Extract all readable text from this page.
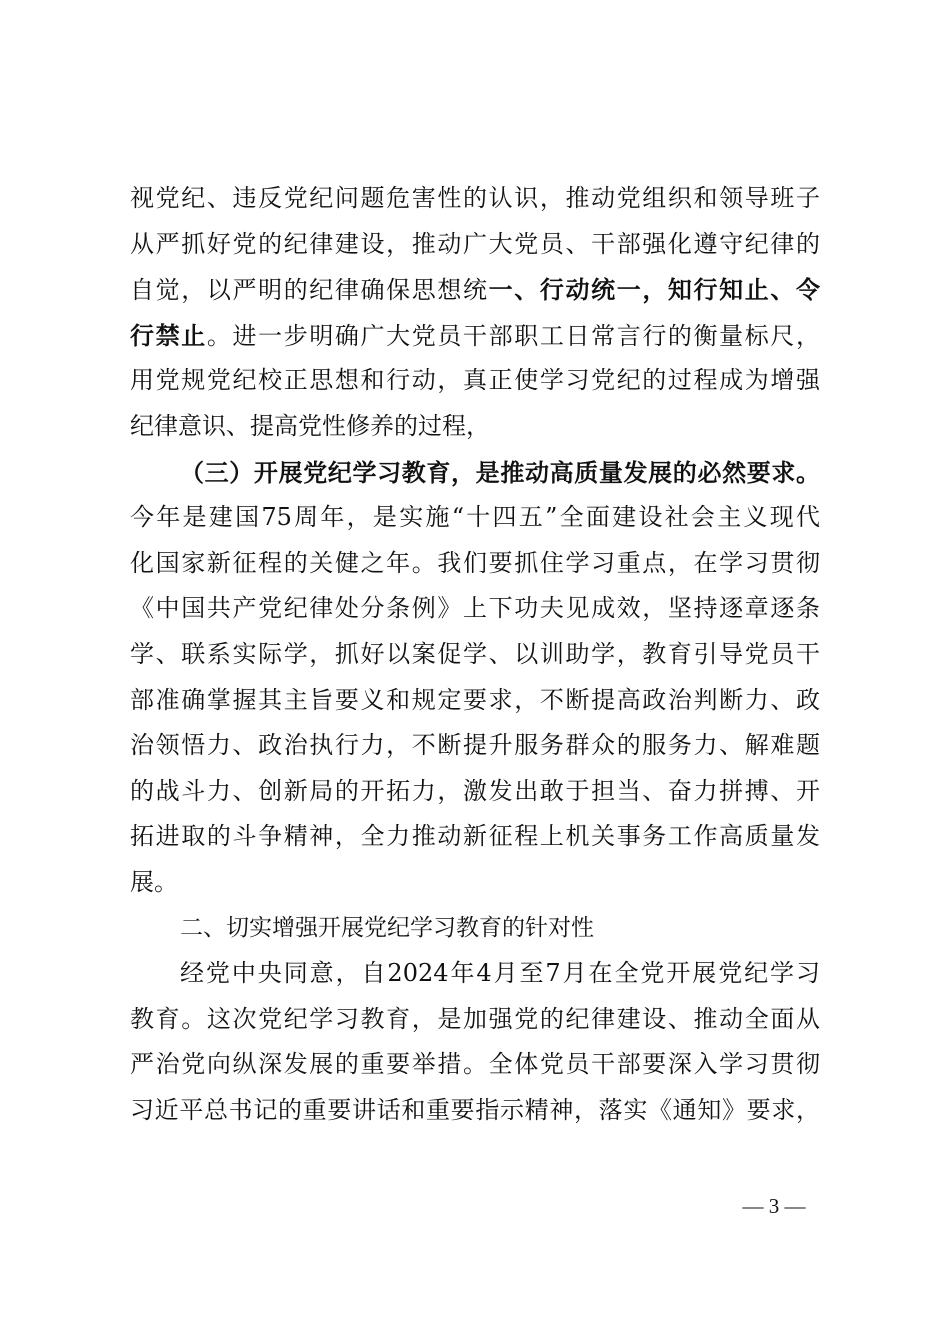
视党纪、违反党纪问题危害性的认识，推动党组织和领导班子
从严抓好党的纪律建设，推动广大党员、干部强化遵守纪律的
自觉，以严明的纪律确保思想统一、行动统一，知行知止、令
行禁止。进一步明确广大党员干部职工日常言行的衡量标尺，
用党规党纪校正思想和行动，真正使学习党纪的过程成为增强
纪律意识、提高党性修养的过程，
（三）开展党纪学习教育，是推动高质量发展的必然要求。
今年是建国75周年，是实施“十四五”全面建设社会主义现代
化国家新征程的关健之年。我们要抓住学习重点，在学习贯彻
《中国共产党纪律处分条例》上下功夫见成效，坚持逐章逐条
学、联系实际学，抓好以案促学、以训助学，教育引导党员干
部准确掌握其主旨要义和规定要求，不断提高政治判断力、政
治领悟力、政治执行力，不断提升服务群众的服务力、解难题
的战斗力、创新局的开拓力，激发出敢于担当、奋力拼搏、开
拓进取的斗争精神，全力推动新征程上机关事务工作高质量发
展。
二、切实增强开展党纪学习教育的针对性
经党中央同意，自2024年4月至7月在全党开展党纪学习
教育。这次党纪学习教育，是加强党的纪律建设、推动全面从
严治党向纵深发展的重要举措。全体党员干部要深入学习贯彻
习近平总书记的重要讲话和重要指示精神，落实《通知》要求，
— 3 —
